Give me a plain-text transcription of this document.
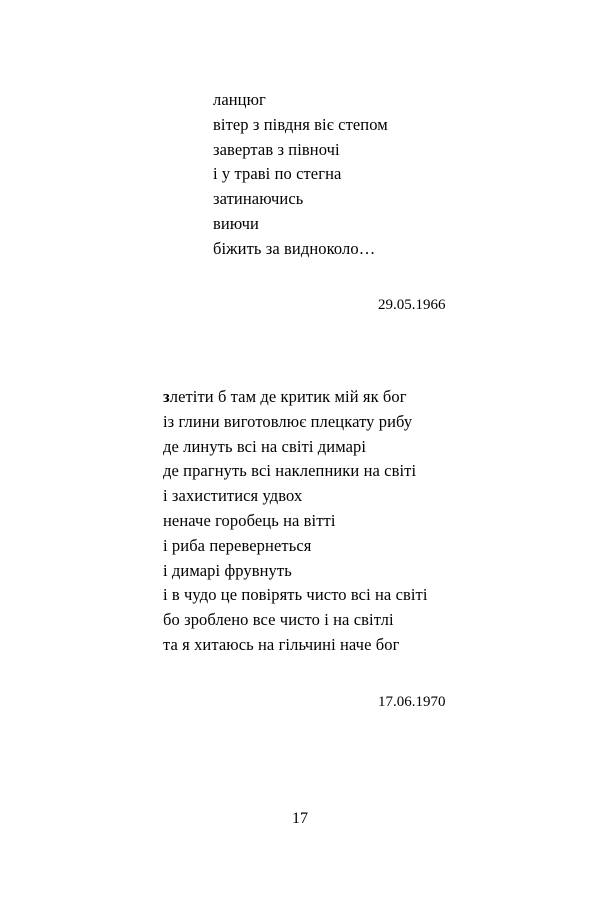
ланцюг
вітер з півдня віє степом
завертав з півночі
і у траві по стегна
затинаючись
виючи
біжить за видноколо…
29.05.1966
злетіти б там де критик мій як бог
із глини виготовлює плецкату рибу
де линуть всі на світі димарі
де прагнуть всі наклепники на світі
і захиститися удвох
неначе горобець на вітті
і риба перевернеться
і димарі фрувнуть
і в чудо це повірять чисто всі на світі
бо зроблено все чисто і на світлі
та я хитаюсь на гільчині наче бог
17.06.1970
17
